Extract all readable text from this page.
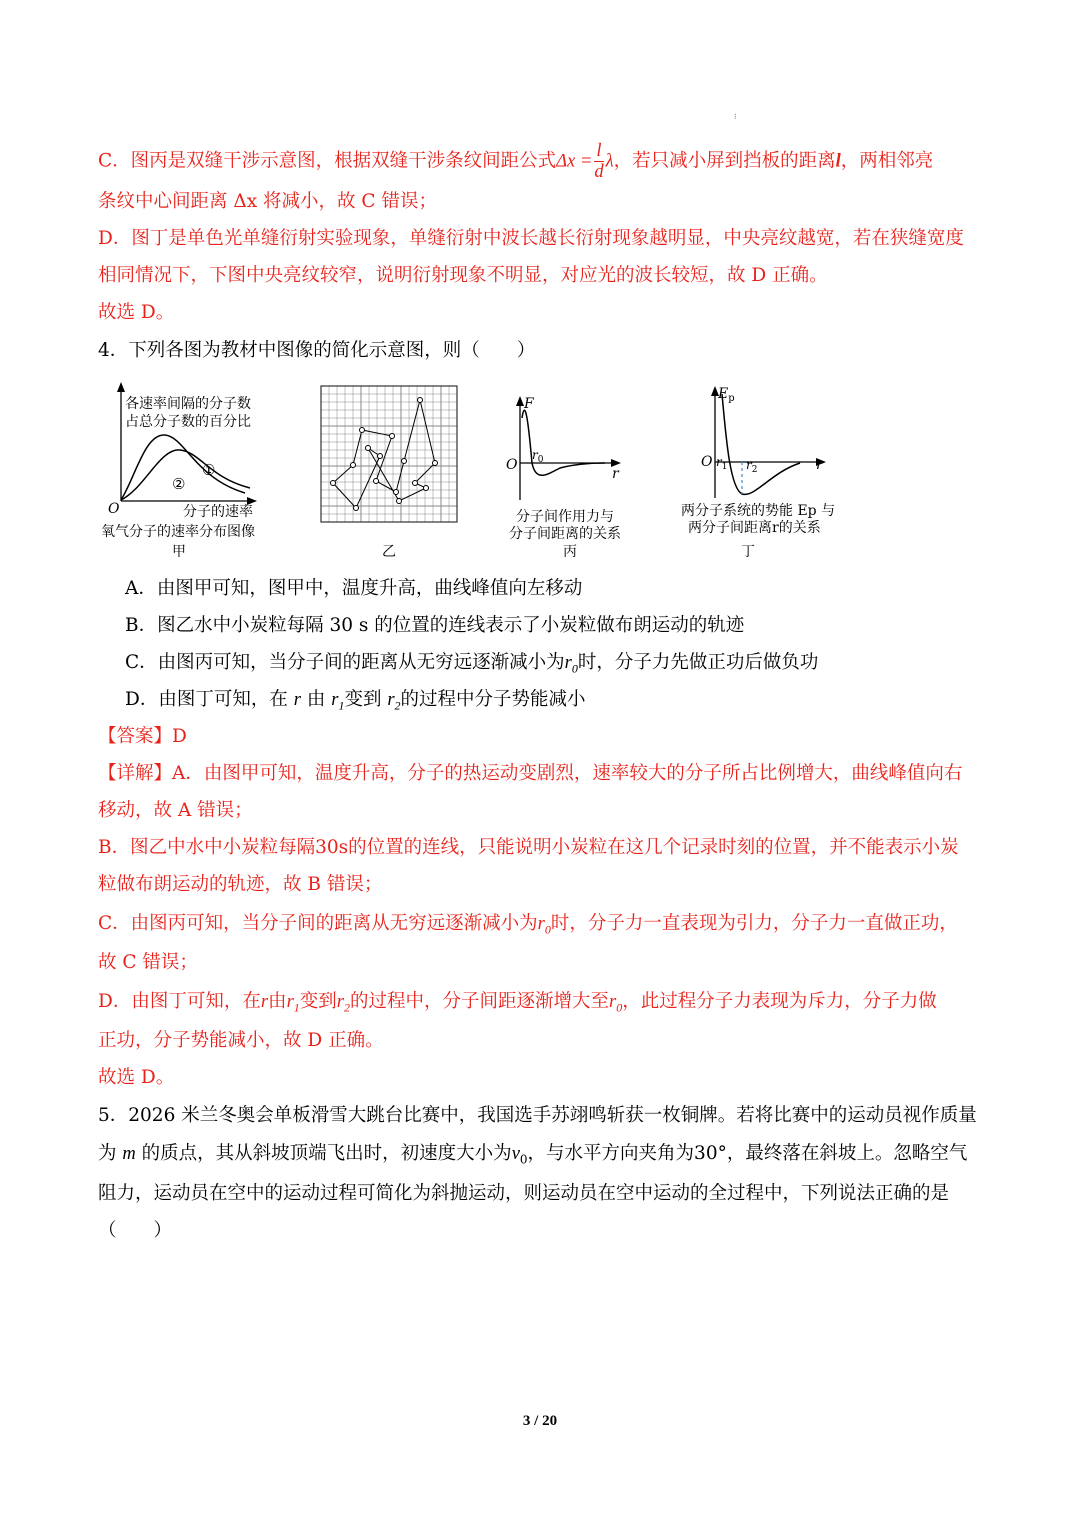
⁝
C．图丙是双缝干涉示意图，根据双缝干涉条纹间距公式$\Delta x = \frac{l}{d}$ λ，若只减小屏到挡板的距离l，两相邻亮
条纹中心间距离 Δx 将减小，故 C 错误；
D．图丁是单色光单缝衍射实验现象，单缝衍射中波长越长衍射现象越明显，中央亮纹越宽，若在狭缝宽度
相同情况下，下图中央亮纹较窄，说明衍射现象不明显，对应光的波长较短，故 D 正确。
故选 D。
4．下列各图为教材中图像的简化示意图，则（　　）
各速率间隔的分子数
占总分子数的百分比
①
②
O	分子的速率
氧气分子的速率分布图像
甲	乙
F
O
$r_0$
r
分子间作用力与
分子间距离的关系
丙
$E_p$
O $r_1$ $r_2$	r
两分子系统的势能 Ep 与
两分子间距离r的关系
丁
A．由图甲可知，图甲中，温度升高，曲线峰值向左移动
B．图乙水中小炭粒每隔 30 s 的位置的连线表示了小炭粒做布朗运动的轨迹
C．由图丙可知，当分子间的距离从无穷远逐渐减小为$r_0$时，分子力先做正功后做负功
D．由图丁可知，在 r 由 $r_1$变到 $r_2$的过程中分子势能减小
【答案】D
【详解】A．由图甲可知，温度升高，分子的热运动变剧烈，速率较大的分子所占比例增大，曲线峰值向右
移动，故 A 错误；
B．图乙中水中小炭粒每隔30s的位置的连线，只能说明小炭粒在这几个记录时刻的位置，并不能表示小炭
粒做布朗运动的轨迹，故 B 错误；
C．由图丙可知，当分子间的距离从无穷远逐渐减小为$r_0$时，分子力一直表现为引力，分子力一直做正功，
故 C 错误；
D．由图丁可知，在r由$r_1$变到$r_2$的过程中，分子间距逐渐增大至$r_0$，此过程分子力表现为斥力，分子力做
正功，分子势能减小，故 D 正确。
故选 D。
5．2026 米兰冬奥会单板滑雪大跳台比赛中，我国选手苏翊鸣斩获一枚铜牌。若将比赛中的运动员视作质量
为 m 的质点，其从斜坡顶端飞出时，初速度大小为$v_0$，与水平方向夹角为30°，最终落在斜坡上。忽略空气
阻力，运动员在空中的运动过程可简化为斜抛运动，则运动员在空中运动的全过程中，下列说法正确的是
（　　）
3 / 20
